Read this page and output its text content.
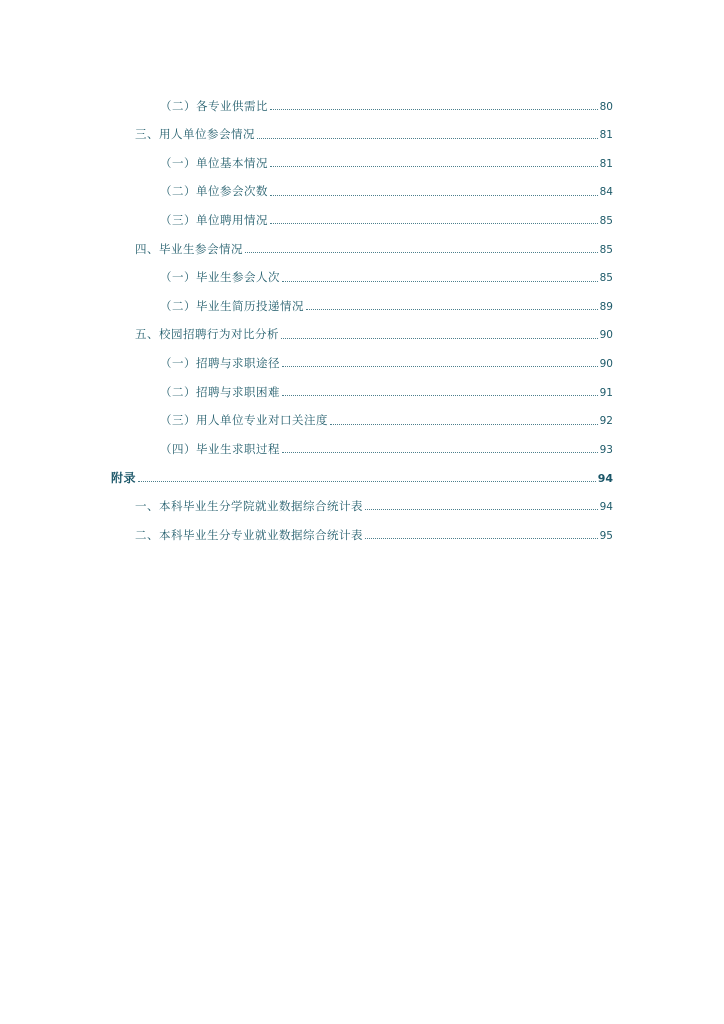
（二）各专业供需比	80
三、用人单位参会情况	81
（一）单位基本情况	81
（二）单位参会次数	84
（三）单位聘用情况	85
四、毕业生参会情况	85
（一）毕业生参会人次	85
（二）毕业生简历投递情况	89
五、校园招聘行为对比分析	90
（一）招聘与求职途径	90
（二）招聘与求职困难	91
（三）用人单位专业对口关注度	92
（四）毕业生求职过程	93
附录	94
一、本科毕业生分学院就业数据综合统计表	94
二、本科毕业生分专业就业数据综合统计表	95
